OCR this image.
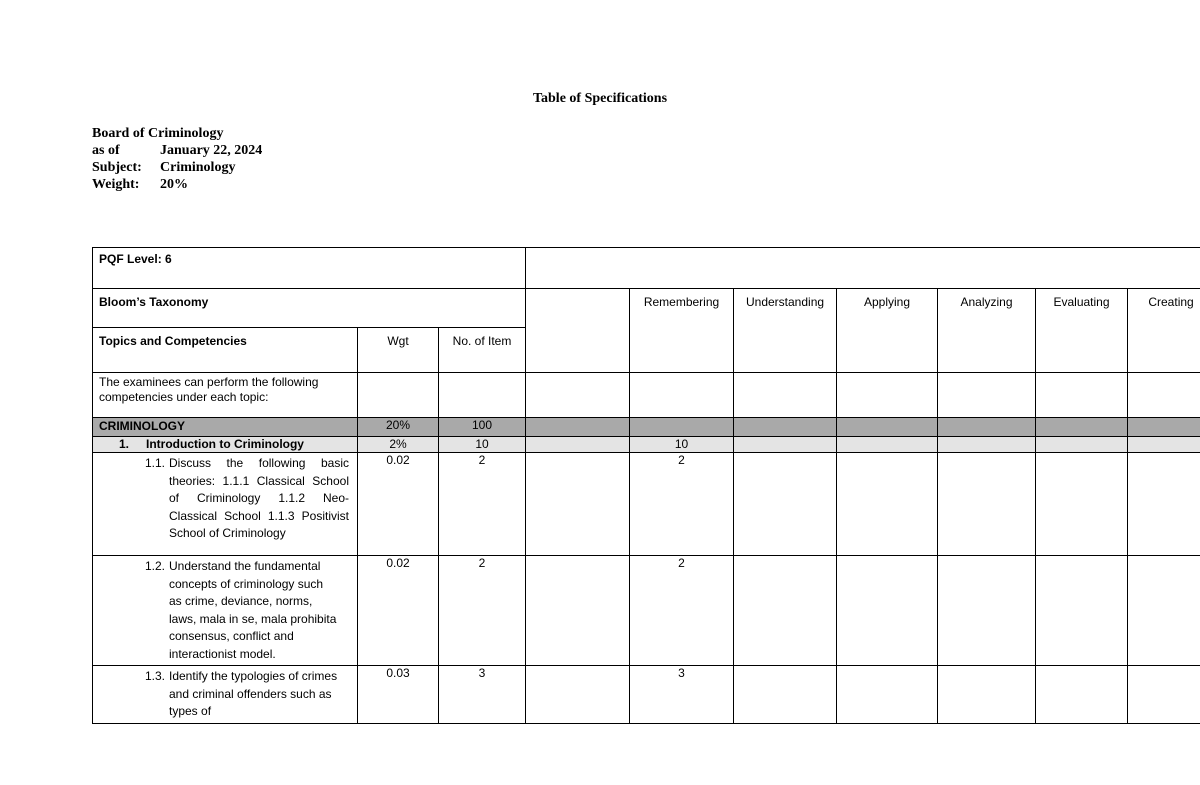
Table of Specifications
Board of Criminology
as of	January 22, 2024
Subject:	Criminology
Weight:	20%
PQF Level: 6									
Bloom’s Taxonomy				Remembering	Understanding	Applying	Analyzing	Evaluating	Creating
Topics and Competencies	Wgt	No. of Item							
The examinees can perform the following competencies under each topic:									
CRIMINOLOGY	20%	100							
1. Introduction to Criminology	2%	10		10					

1.1. Discuss the following basic theories: 1.1.1 Classical School of Criminology 1.1.2 Neo-Classical School 1.1.3 Positivist School of Criminology	0.02	2		2					

1.2. Understand the fundamental concepts of criminology such as crime, deviance, norms, laws, mala in se, mala prohibita consensus, conflict and interactionist model.	0.02	2		2					

1.3. Identify the typologies of crimes and criminal offenders such as types of	0.03	3		3					
